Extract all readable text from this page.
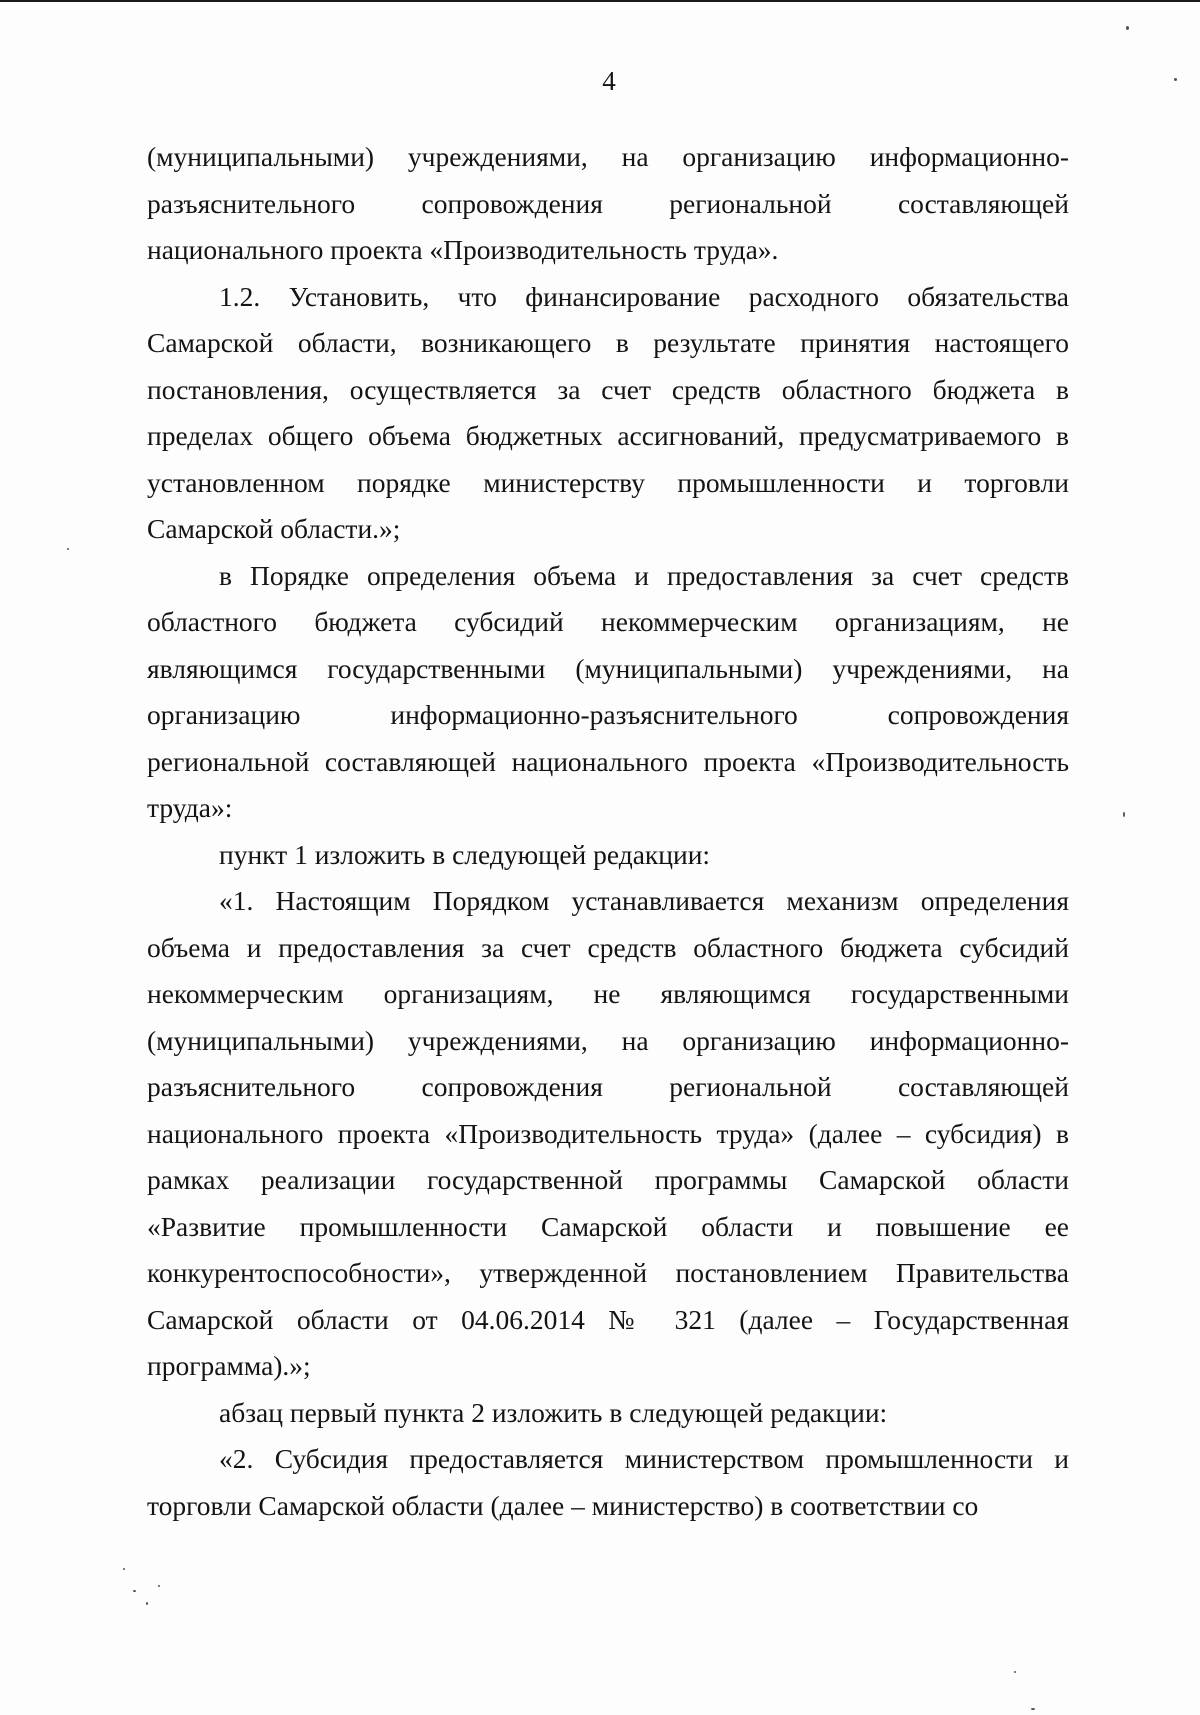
4

(муниципальными) учреждениями, на организацию информационно-разъяснительного сопровождения региональной составляющей национального проекта «Производительность труда».

1.2. Установить, что финансирование расходного обязательства Самарской области, возникающего в результате принятия настоящего постановления, осуществляется за счет средств областного бюджета в пределах общего объема бюджетных ассигнований, предусматриваемого в установленном порядке министерству промышленности и торговли Самарской области.»;

в Порядке определения объема и предоставления за счет средств областного бюджета субсидий некоммерческим организациям, не являющимся государственными (муниципальными) учреждениями, на организацию информационно-разъяснительного сопровождения региональной составляющей национального проекта «Производительность труда»:

пункт 1 изложить в следующей редакции:

«1. Настоящим Порядком устанавливается механизм определения объема и предоставления за счет средств областного бюджета субсидий некоммерческим организациям, не являющимся государственными (муниципальными) учреждениями, на организацию информационно-разъяснительного сопровождения региональной составляющей национального проекта «Производительность труда» (далее – субсидия) в рамках реализации государственной программы Самарской области «Развитие промышленности Самарской области и повышение ее конкурентоспособности», утвержденной постановлением Правительства Самарской области от 04.06.2014 № 321 (далее – Государственная программа).»;

абзац первый пункта 2 изложить в следующей редакции:

«2. Субсидия предоставляется министерством промышленности и торговли Самарской области (далее – министерство) в соответствии со
